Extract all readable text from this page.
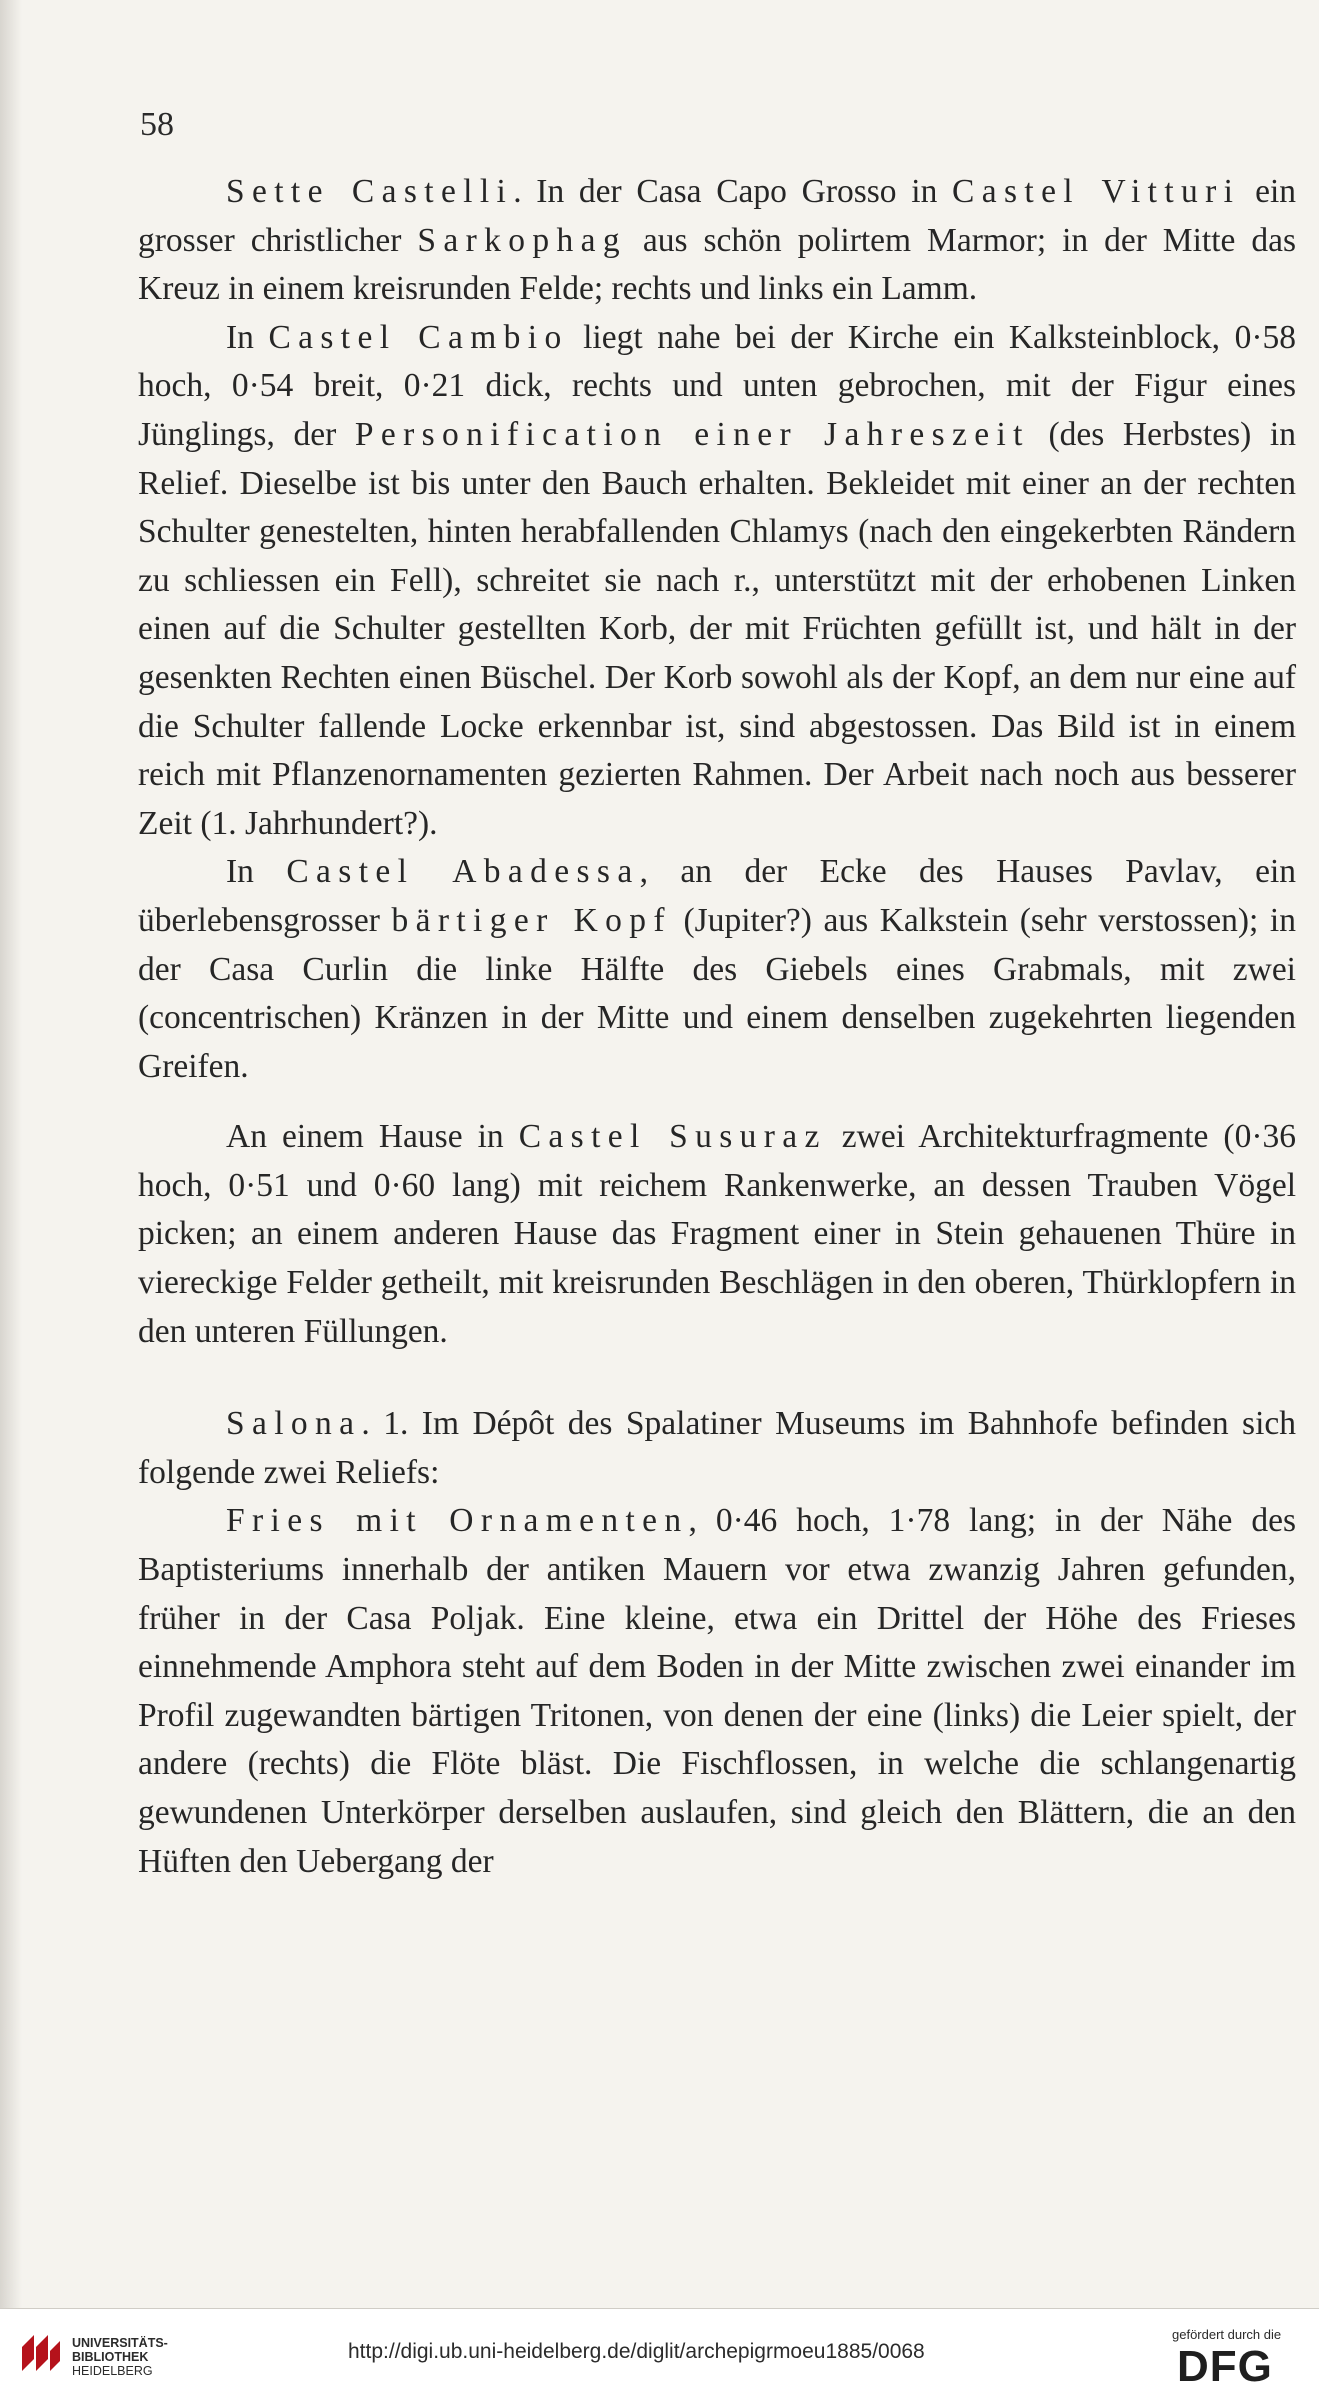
58

Sette Castelli. In der Casa Capo Grosso in Castel Vitturi ein grosser christlicher Sarkophag aus schön polirtem Marmor; in der Mitte das Kreuz in einem kreisrunden Felde; rechts und links ein Lamm.

In Castel Cambio liegt nahe bei der Kirche ein Kalksteinblock, 0·58 hoch, 0·54 breit, 0·21 dick, rechts und unten gebrochen, mit der Figur eines Jünglings, der Personification einer Jahreszeit (des Herbstes) in Relief. Dieselbe ist bis unter den Bauch erhalten. Bekleidet mit einer an der rechten Schulter genestelten, hinten herabfallenden Chlamys (nach den eingekerbten Rändern zu schliessen ein Fell), schreitet sie nach r., unterstützt mit der erhobenen Linken einen auf die Schulter gestellten Korb, der mit Früchten gefüllt ist, und hält in der gesenkten Rechten einen Büschel. Der Korb sowohl als der Kopf, an dem nur eine auf die Schulter fallende Locke erkennbar ist, sind abgestossen. Das Bild ist in einem reich mit Pflanzenornamenten gezierten Rahmen. Der Arbeit nach noch aus besserer Zeit (1. Jahrhundert?).

In Castel Abadessa, an der Ecke des Hauses Pavlav, ein überlebensgrosser bärtiger Kopf (Jupiter?) aus Kalkstein (sehr verstossen); in der Casa Curlin die linke Hälfte des Giebels eines Grabmals, mit zwei (concentrischen) Kränzen in der Mitte und einem denselben zugekehrten liegenden Greifen.

An einem Hause in Castel Susuraz zwei Architekturfragmente (0·36 hoch, 0·51 und 0·60 lang) mit reichem Rankenwerke, an dessen Trauben Vögel picken; an einem anderen Hause das Fragment einer in Stein gehauenen Thüre in viereckige Felder getheilt, mit kreisrunden Beschlägen in den oberen, Thürklopfern in den unteren Füllungen.

Salona. 1. Im Dépôt des Spalatiner Museums im Bahnhofe befinden sich folgende zwei Reliefs:

Fries mit Ornamenten, 0·46 hoch, 1·78 lang; in der Nähe des Baptisteriums innerhalb der antiken Mauern vor etwa zwanzig Jahren gefunden, früher in der Casa Poljak. Eine kleine, etwa ein Drittel der Höhe des Frieses einnehmende Amphora steht auf dem Boden in der Mitte zwischen zwei einander im Profil zugewandten bärtigen Tritonen, von denen der eine (links) die Leier spielt, der andere (rechts) die Flöte bläst. Die Fischflossen, in welche die schlangenartig gewundenen Unterkörper derselben auslaufen, sind gleich den Blättern, die an den Hüften den Uebergang der

UNIVERSITÄTS-
BIBLIOTHEK
HEIDELBERG
http://digi.ub.uni-heidelberg.de/diglit/archepigrmoeu1885/0068
gefördert durch die
DFG
